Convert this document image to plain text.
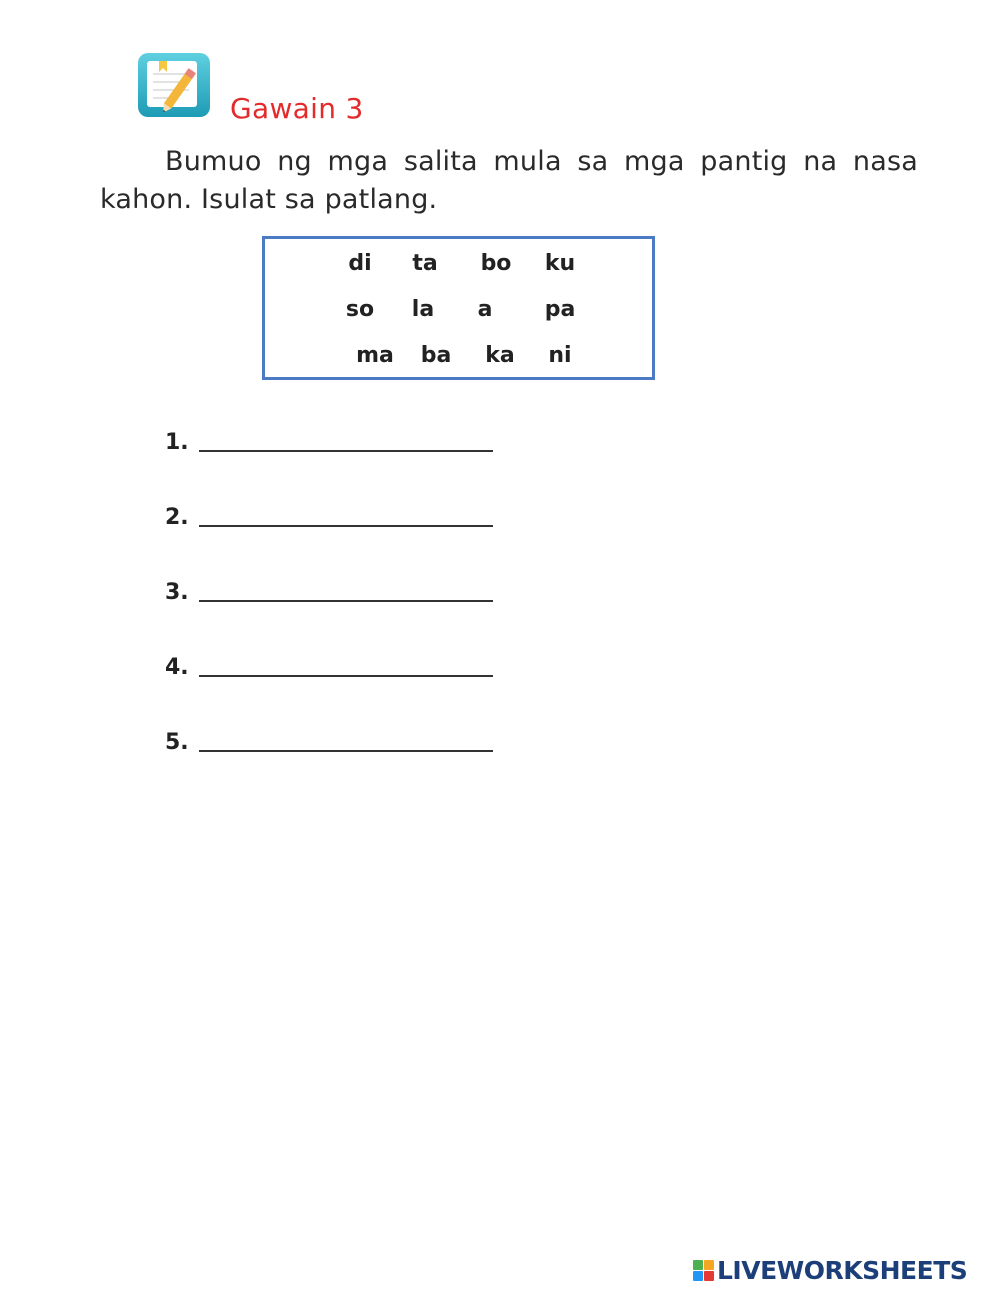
Gawain 3
Bumuo ng mga salita mula sa mga pantig na nasa kahon. Isulat sa patlang.
di ta bo ku
so la a pa
ma ba ka ni
1.
2.
3.
4.
5.
LIVEWORKSHEETS
